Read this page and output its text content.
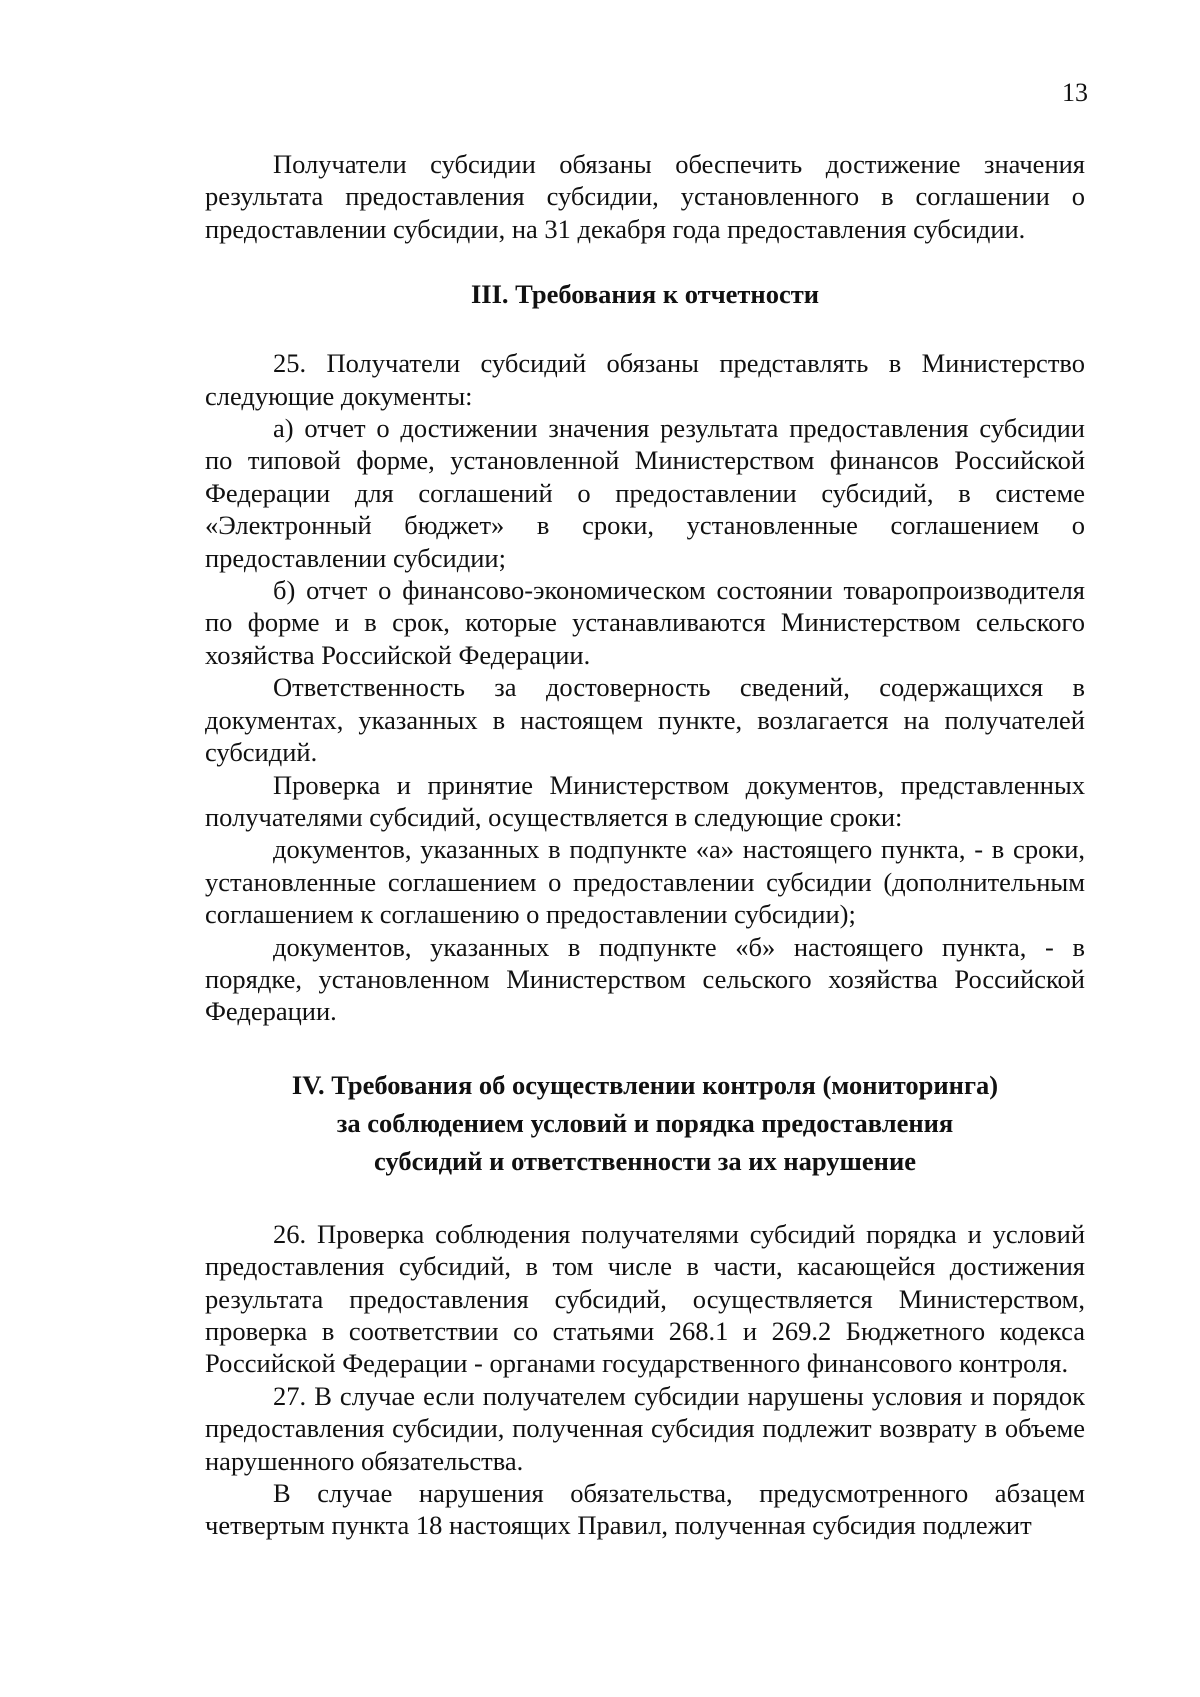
13

Получатели субсидии обязаны обеспечить достижение значения результата предоставления субсидии, установленного в соглашении о предоставлении субсидии, на 31 декабря года предоставления субсидии.

III. Требования к отчетности

25. Получатели субсидий обязаны представлять в Министерство следующие документы:

а) отчет о достижении значения результата предоставления субсидии по типовой форме, установленной Министерством финансов Российской Федерации для соглашений о предоставлении субсидий, в системе «Электронный бюджет» в сроки, установленные соглашением о предоставлении субсидии;

б) отчет о финансово-экономическом состоянии товаропроизводителя по форме и в срок, которые устанавливаются Министерством сельского хозяйства Российской Федерации.

Ответственность за достоверность сведений, содержащихся в документах, указанных в настоящем пункте, возлагается на получателей субсидий.

Проверка и принятие Министерством документов, представленных получателями субсидий, осуществляется в следующие сроки:

документов, указанных в подпункте «а» настоящего пункта, - в сроки, установленные соглашением о предоставлении субсидии (дополнительным соглашением к соглашению о предоставлении субсидии);

документов, указанных в подпункте «б» настоящего пункта, - в порядке, установленном Министерством сельского хозяйства Российской Федерации.

IV. Требования об осуществлении контроля (мониторинга)
за соблюдением условий и порядка предоставления
субсидий и ответственности за их нарушение

26. Проверка соблюдения получателями субсидий порядка и условий предоставления субсидий, в том числе в части, касающейся достижения результата предоставления субсидий, осуществляется Министерством, проверка в соответствии со статьями 268.1 и 269.2 Бюджетного кодекса Российской Федерации - органами государственного финансового контроля.

27. В случае если получателем субсидии нарушены условия и порядок предоставления субсидии, полученная субсидия подлежит возврату в объеме нарушенного обязательства.

В случае нарушения обязательства, предусмотренного абзацем четвертым пункта 18 настоящих Правил, полученная субсидия подлежит
